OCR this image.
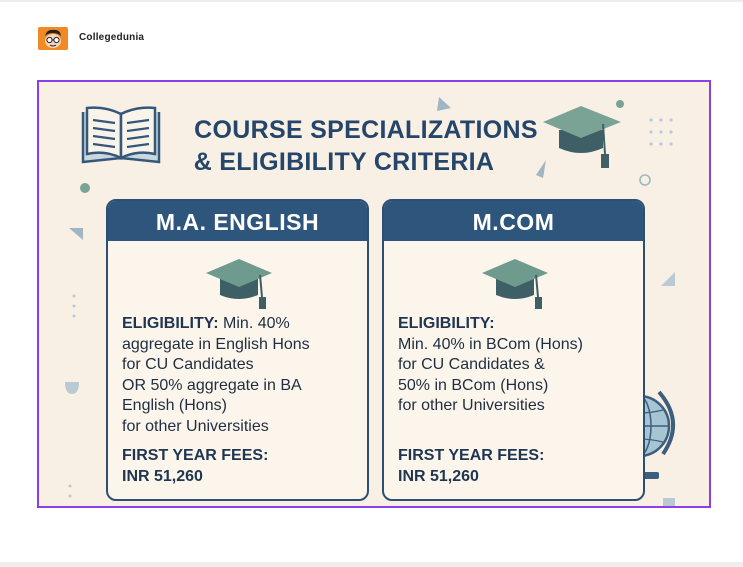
Collegedunia
COURSE SPECIALIZATIONS
& ELIGIBILITY CRITERIA
M.A. ENGLISH
ELIGIBILITY: Min. 40%
aggregate in English Hons
for CU Candidates
OR 50% aggregate in BA
English (Hons)
for other Universities
FIRST YEAR FEES:
INR 51,260
M.COM
ELIGIBILITY:
Min. 40% in BCom (Hons)
for CU Candidates &
50% in BCom (Hons)
for other Universities
FIRST YEAR FEES:
INR 51,260
